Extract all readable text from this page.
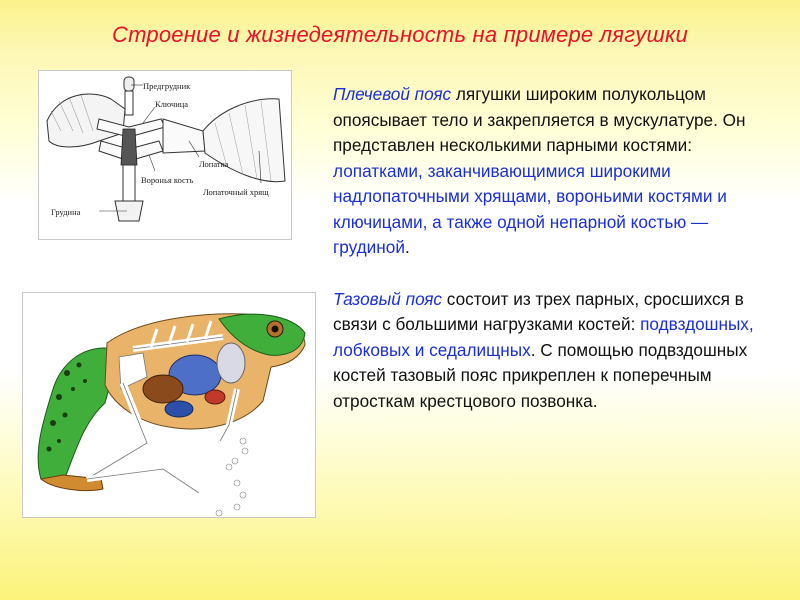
Строение и жизнедеятельность на примере лягушки
Предгрудник
Ключица
Лопатка
Воронья кость
Лопаточный хрящ
Грудина

Плечевой пояс лягушки широким полукольцом опоясывает тело и закрепляется в мускулатуре. Он представлен несколькими парными костями: лопатками, заканчивающимися широкими надлопаточными хрящами, вороньими костями и ключицами, а также одной непарной костью — грудиной.

Тазовый пояс состоит из трех парных, сросшихся в связи с большими нагрузками костей: подвздошных, лобковых и седалищных. С помощью подвздошных костей тазовый пояс прикреплен к поперечным отросткам крестцового позвонка.
